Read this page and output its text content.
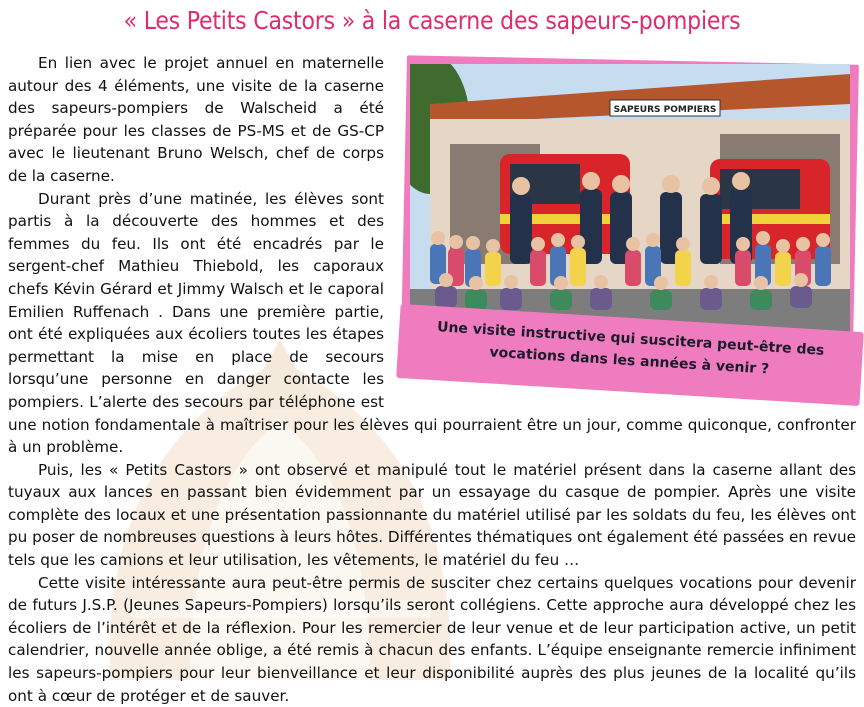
« Les Petits Castors » à la caserne des sapeurs-pompiers
SAPEURS POMPIERS
Une visite instructive qui suscitera peut-être des vocations dans les années à venir ?

En lien avec le projet annuel en maternelle autour des 4 éléments, une visite de la caserne des sapeurs-pompiers de Walscheid a été préparée pour les classes de PS-MS et de GS-CP avec le lieutenant Bruno Welsch, chef de corps de la caserne.

Durant près d’une matinée, les élèves sont partis à la découverte des hommes et des femmes du feu. Ils ont été encadrés par le sergent-chef Mathieu Thiebold, les caporaux chefs Kévin Gérard et Jimmy Walsch et le caporal Emilien Ruffenach . Dans une première partie, ont été expliquées aux écoliers toutes les étapes permettant la mise en place de secours lorsqu’une personne en danger contacte les pompiers. L’alerte des secours par téléphone est une notion fondamentale à maîtriser pour les élèves qui pourraient être un jour, comme quiconque, confronter à un problème.

Puis, les « Petits Castors » ont observé et manipulé tout le matériel présent dans la caserne allant des tuyaux aux lances en passant bien évidemment par un essayage du casque de pompier. Après une visite complète des locaux et une présentation passionnante du matériel utilisé par les soldats du feu, les élèves ont pu poser de nombreuses questions à leurs hôtes. Différentes thématiques ont également été passées en revue tels que les camions et leur utilisation, les vêtements, le matériel du feu …

Cette visite intéressante aura peut-être permis de susciter chez certains quelques vocations pour devenir de futurs J.S.P. (Jeunes Sapeurs-Pompiers) lorsqu’ils seront collégiens. Cette approche aura développé chez les écoliers de l’intérêt et de la réflexion. Pour les remercier de leur venue et de leur participation active, un petit calendrier, nouvelle année oblige, a été remis à chacun des enfants. L’équipe enseignante remercie infiniment les sapeurs-pompiers pour leur bienveillance et leur disponibilité auprès des plus jeunes de la localité qu’ils ont à cœur de protéger et de sauver.
